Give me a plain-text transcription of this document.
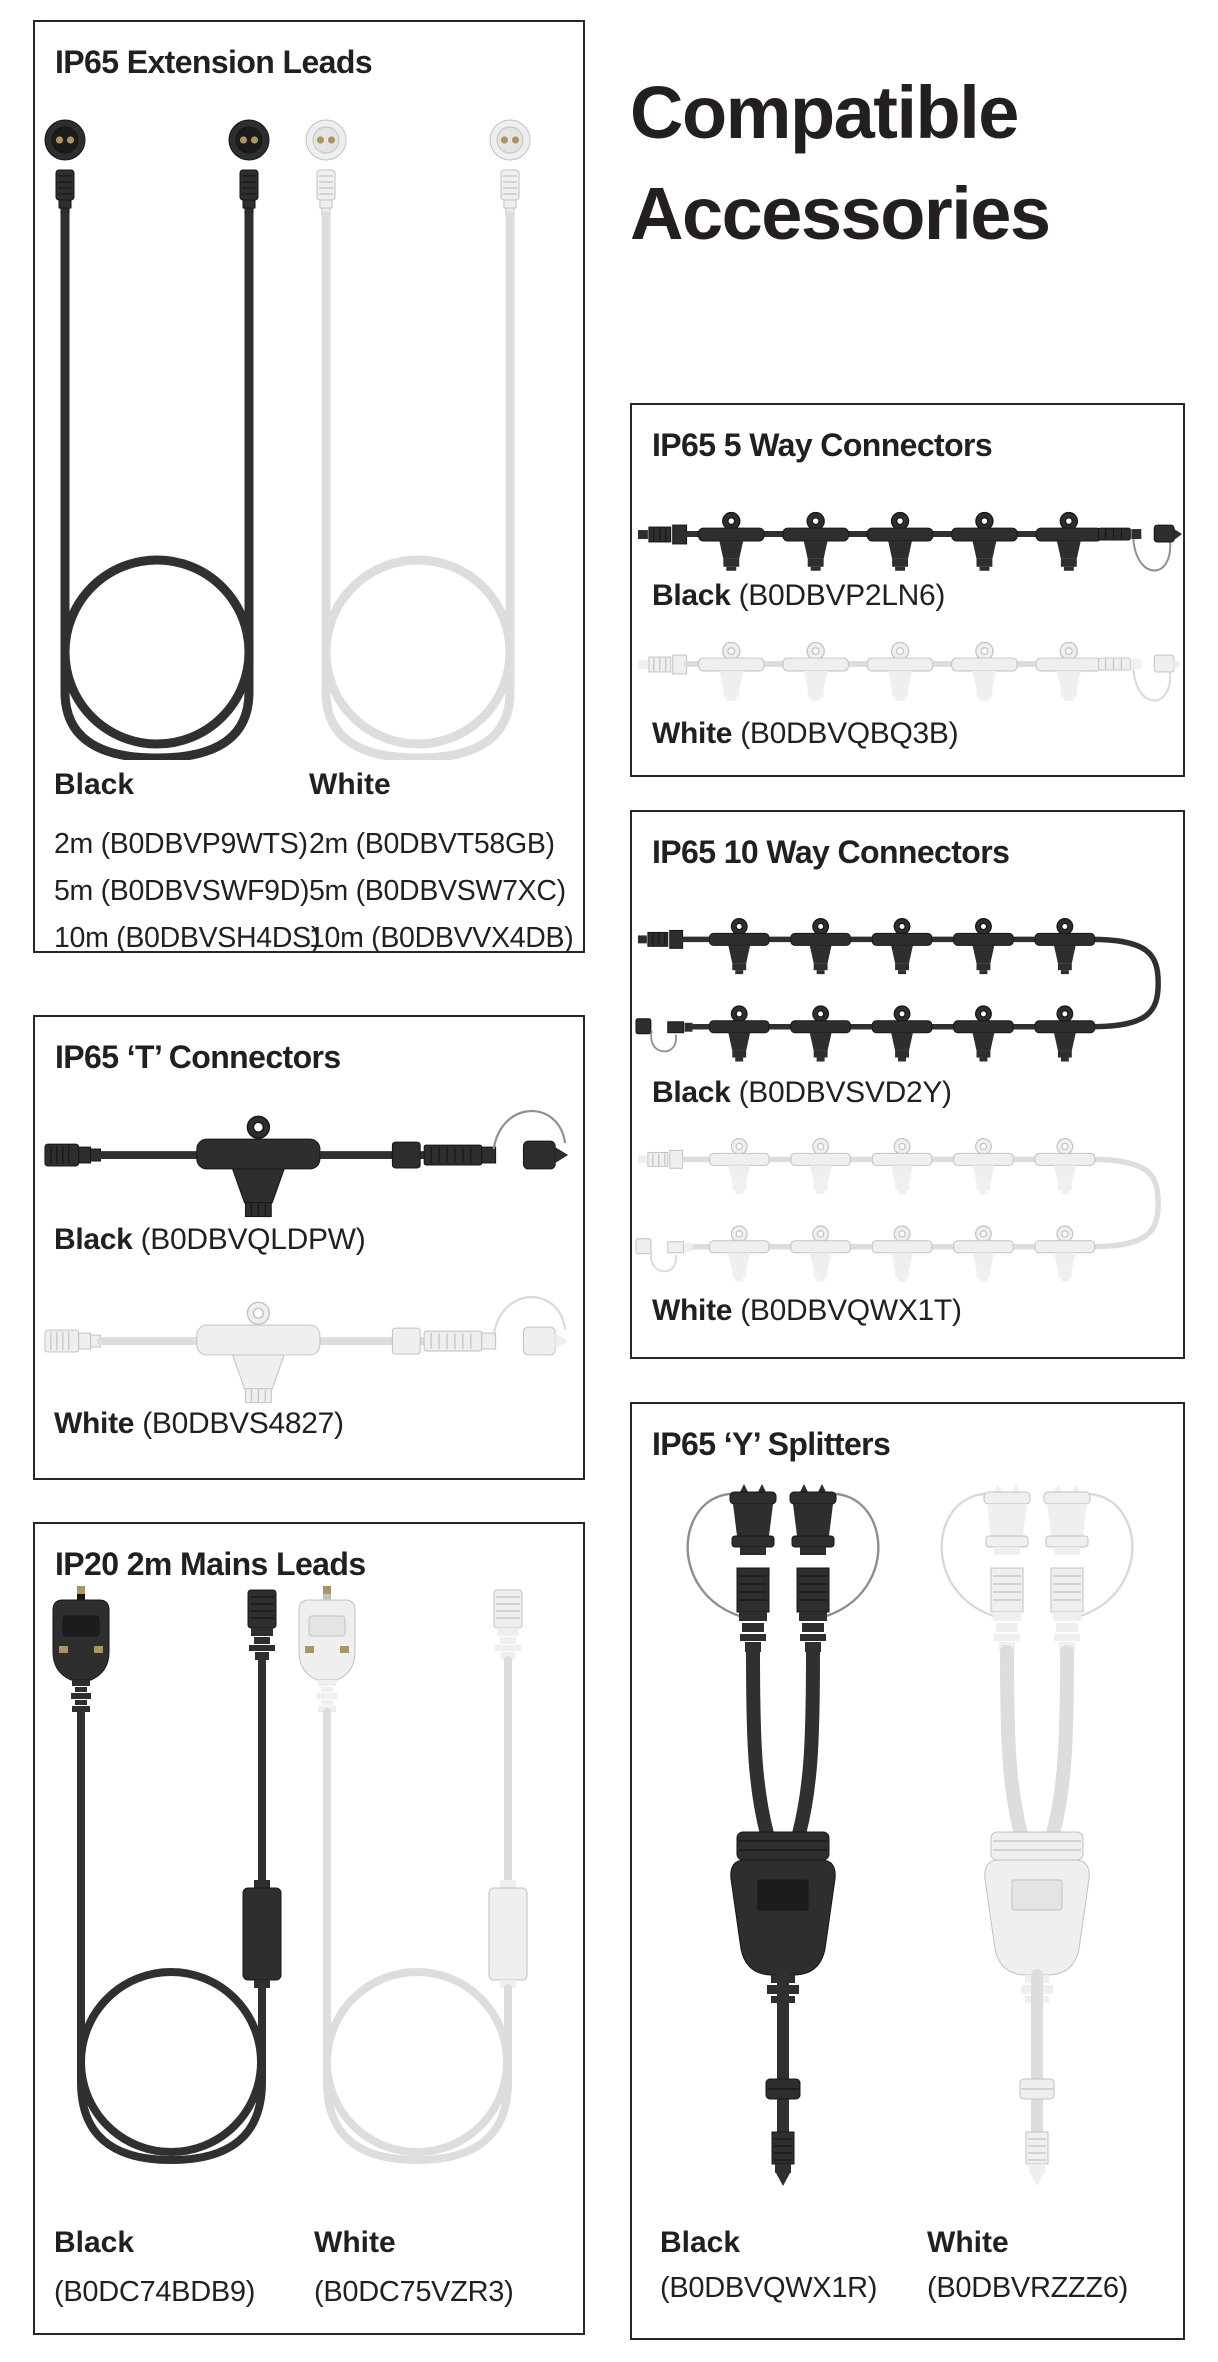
Compatible
Accessories
IP65 Extension Leads
Black	White
2m (B0DBVP9WTS)
5m (B0DBVSWF9D)
10m (B0DBVSH4DS)
2m (B0DBVT58GB)
5m (B0DBVSW7XC)
10m (B0DBVVX4DB)
IP65 ‘T’ Connectors
Black (B0DBVQLDPW)
White (B0DBVS4827)
IP20 2m Mains Leads
Black
(B0DC74BDB9)
White
(B0DC75VZR3)
IP65 5 Way Connectors
Black (B0DBVP2LN6)
White (B0DBVQBQ3B)
IP65 10 Way Connectors
Black (B0DBVSVD2Y)
White (B0DBVQWX1T)
IP65 ‘Y’ Splitters
Black
(B0DBVQWX1R)
White
(B0DBVRZZZ6)
